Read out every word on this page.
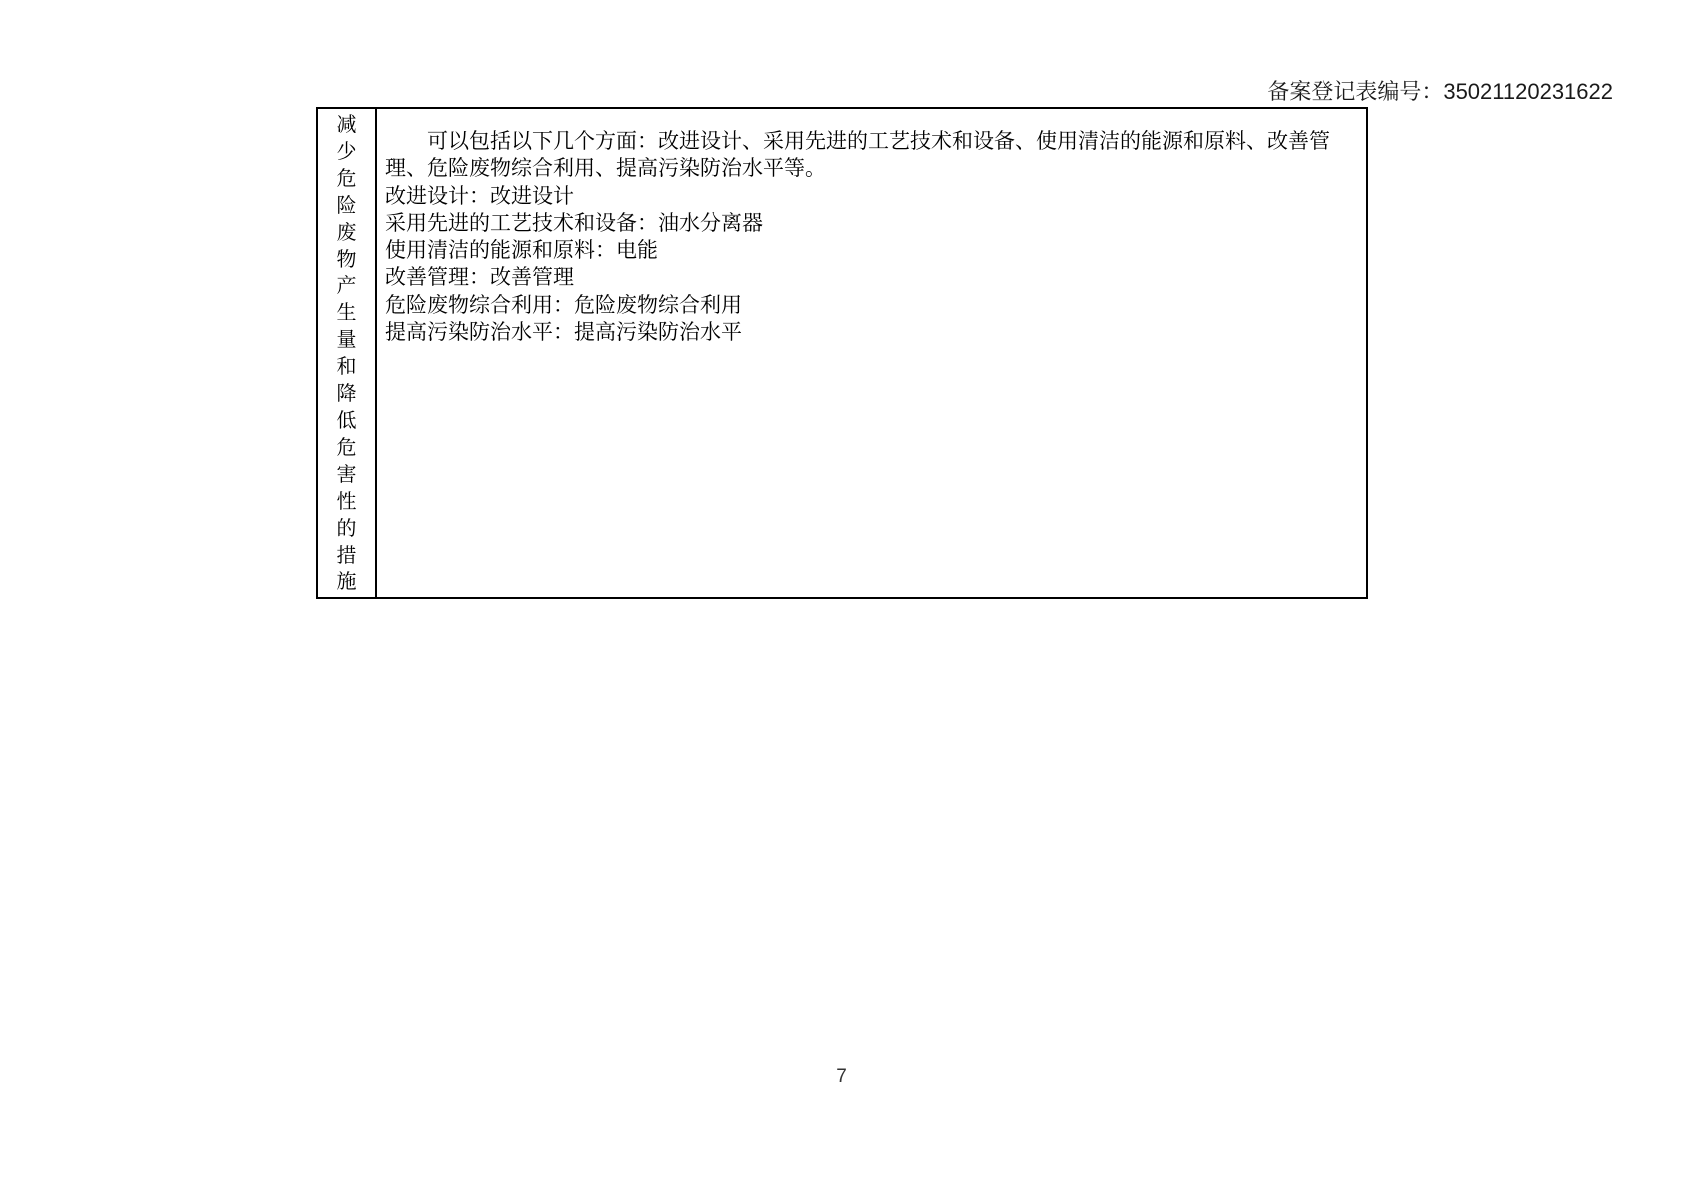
备案登记表编号：35021120231622
减少危险废物产生量和降低危害性的措施

可以包括以下几个方面：改进设计、采用先进的工艺技术和设备、使用清洁的能源和原料、改善管理、危险废物综合利用、提高污染防治水平等。

改进设计：改进设计

采用先进的工艺技术和设备：油水分离器

使用清洁的能源和原料：电能

改善管理：改善管理

危险废物综合利用：危险废物综合利用

提高污染防治水平：提高污染防治水平

7
